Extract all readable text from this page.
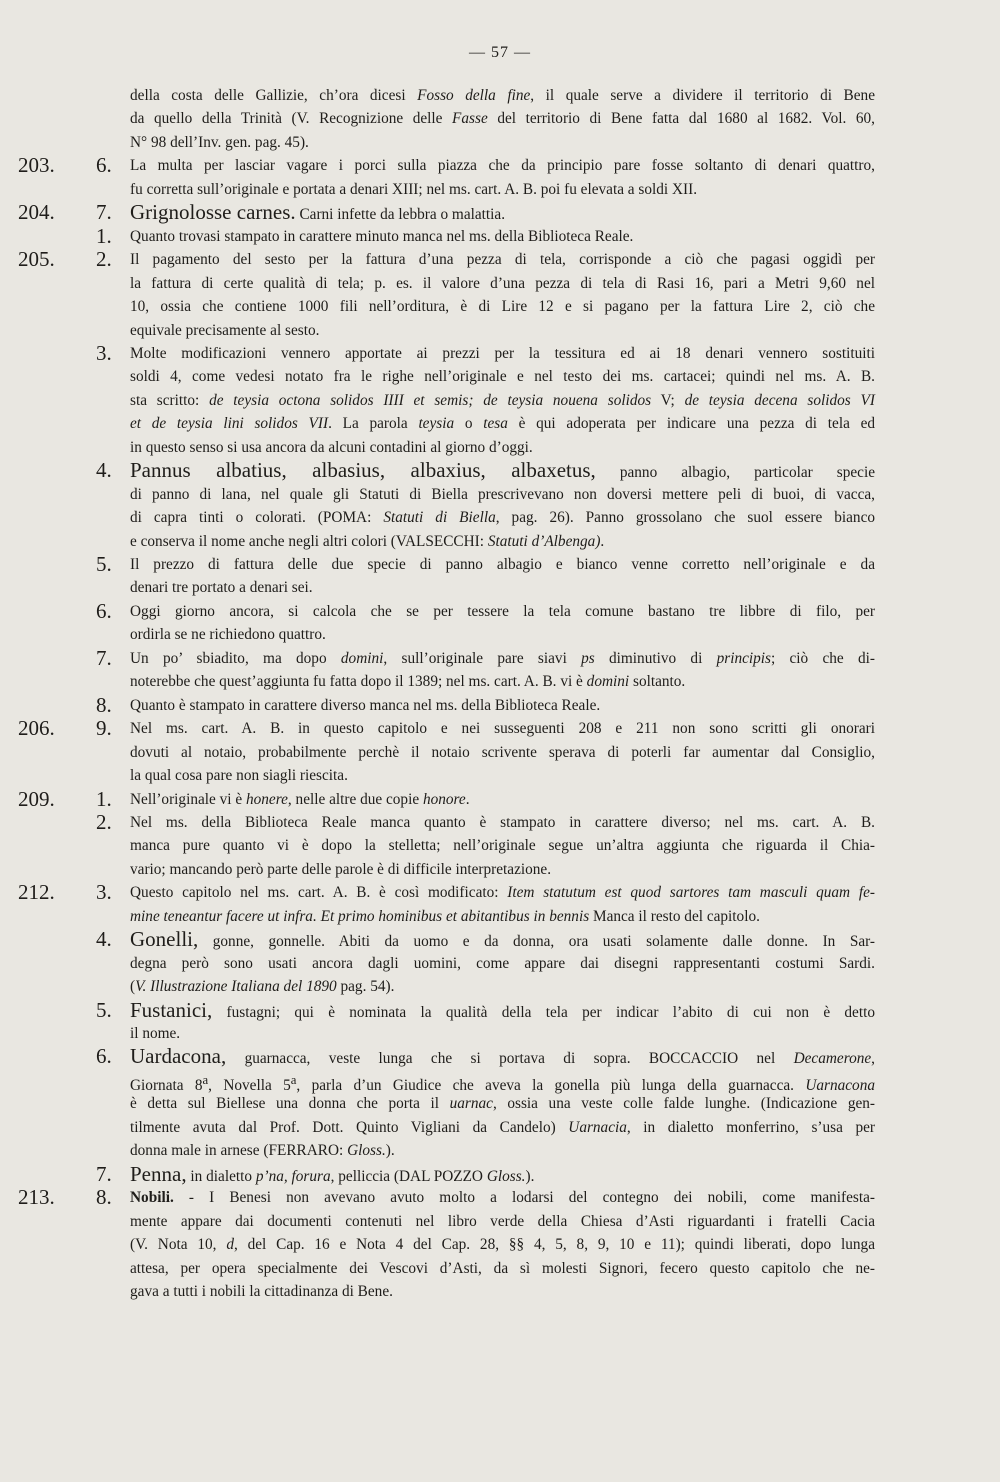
— 57 —
della costa delle Gallizie, ch’ora dicesi Fosso della fine, il quale serve a dividere il territorio di Bene
da quello della Trinità (V. Recognizione delle Fasse del territorio di Bene fatta dal 1680 al 1682. Vol. 60,
N° 98 dell’Inv. gen. pag. 45).
203.	6.	La multa per lasciar vagare i porci sulla piazza che da principio pare fosse soltanto di denari quattro,
fu corretta sull’originale e portata a denari XIII; nel ms. cart. A. B. poi fu elevata a soldi XII.
204.	7. Grignolosse carnes. Carni infette da lebbra o malattia.
1.	Quanto trovasi stampato in carattere minuto manca nel ms. della Biblioteca Reale.
205.	2.	Il pagamento del sesto per la fattura d’una pezza di tela, corrisponde a ciò che pagasi oggidì per
la fattura di certe qualità di tela; p. es. il valore d’una pezza di tela di Rasi 16, pari a Metri 9,60 nel
10, ossia che contiene 1000 fili nell’orditura, è di Lire 12 e si pagano per la fattura Lire 2, ciò che
equivale precisamente al sesto.
3.	Molte modificazioni vennero apportate ai prezzi per la tessitura ed ai 18 denari vennero sostituiti
soldi 4, come vedesi notato fra le righe nell’originale e nel testo dei ms. cartacei; quindi nel ms. A. B.
sta scritto: de teysia octona solidos IIII et semis; de teysia nouena solidos V; de teysia decena solidos VI
et de teysia lini solidos VII. La parola teysia o tesa è qui adoperata per indicare una pezza di tela ed
in questo senso si usa ancora da alcuni contadini al giorno d’oggi.
4. Pannus albatius, albasius, albaxius, albaxetus, panno albagio, particolar specie
di panno di lana, nel quale gli Statuti di Biella prescrivevano non doversi mettere peli di buoi, di vacca,
di capra tinti o colorati. (POMA: Statuti di Biella, pag. 26). Panno grossolano che suol essere bianco
e conserva il nome anche negli altri colori (VALSECCHI: Statuti d’Albenga).
5.	Il prezzo di fattura delle due specie di panno albagio e bianco venne corretto nell’originale e da
denari tre portato a denari sei.
6.	Oggi giorno ancora, si calcola che se per tessere la tela comune bastano tre libbre di filo, per
ordirla se ne richiedono quattro.
7.	Un po’ sbiadito, ma dopo domini, sull’originale pare siavi ps diminutivo di principis; ciò che di-
noterebbe che quest’aggiunta fu fatta dopo il 1389; nel ms. cart. A. B. vi è domini soltanto.
8.	Quanto è stampato in carattere diverso manca nel ms. della Biblioteca Reale.
206.	9.	Nel ms. cart. A. B. in questo capitolo e nei susseguenti 208 e 211 non sono scritti gli onorari
dovuti al notaio, probabilmente perchè il notaio scrivente sperava di poterli far aumentar dal Consiglio,
la qual cosa pare non siagli riescita.
209.	1.	Nell’originale vi è honere, nelle altre due copie honore.
2.	Nel ms. della Biblioteca Reale manca quanto è stampato in carattere diverso; nel ms. cart. A. B.
manca pure quanto vi è dopo la stelletta; nell’originale segue un’altra aggiunta che riguarda il Chia-
vario; mancando però parte delle parole è di difficile interpretazione.
212.	3.	Questo capitolo nel ms. cart. A. B. è così modificato: Item statutum est quod sartores tam masculi quam fe-
mine teneantur facere ut infra. Et primo hominibus et abitantibus in bennis Manca il resto del capitolo.
4. Gonelli, gonne, gonnelle. Abiti da uomo e da donna, ora usati solamente dalle donne. In Sar-
degna però sono usati ancora dagli uomini, come appare dai disegni rappresentanti costumi Sardi.
(V. Illustrazione Italiana del 1890 pag. 54).
5. Fustanici, fustagni; qui è nominata la qualità della tela per indicar l’abito di cui non è detto
il nome.
6. Uardacona, guarnacca, veste lunga che si portava di sopra. BOCCACCIO nel Decamerone,
Giornata 8$^a$, Novella 5$^a$, parla d’un Giudice che aveva la gonella più lunga della guarnacca. Uarnacona
è detta sul Biellese una donna che porta il uarnac, ossia una veste colle falde lunghe. (Indicazione gen-
tilmente avuta dal Prof. Dott. Quinto Vigliani da Candelo) Uarnacia, in dialetto monferrino, s’usa per
donna male in arnese (FERRARO: Gloss.).
7. Penna, in dialetto p’na, forura, pelliccia (DAL POZZO Gloss.).
213.	8.	Nobili. - I Benesi non avevano avuto molto a lodarsi del contegno dei nobili, come manifesta-
mente appare dai documenti contenuti nel libro verde della Chiesa d’Asti riguardanti i fratelli Cacia
(V. Nota 10, d, del Cap. 16 e Nota 4 del Cap. 28, §§ 4, 5, 8, 9, 10 e 11); quindi liberati, dopo lunga
attesa, per opera specialmente dei Vescovi d’Asti, da sì molesti Signori, fecero questo capitolo che ne-
gava a tutti i nobili la cittadinanza di Bene.
